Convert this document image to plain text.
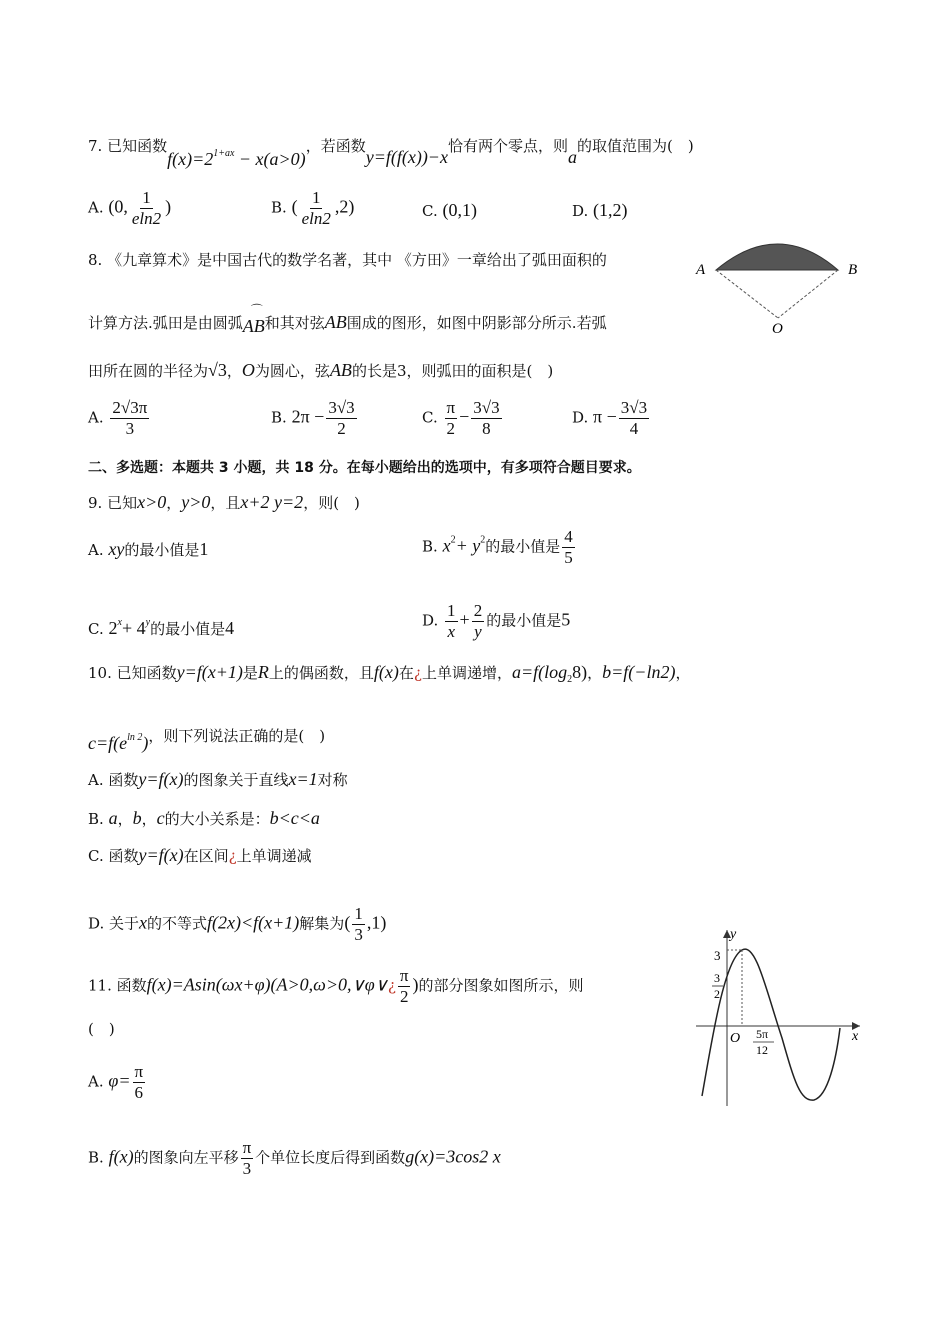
7. 已知函数$f(x)=2^{1+ax} - x(a>0)$，若函数y=f(f(x))−x恰有两个零点，则a的取值范围为(　)
A. (0, $\frac{1}{eln2}$ )	B. ( $\frac{1}{eln2} ,2$)	C. (0,1)	D. (1,2)
8. 《九章算术》是中国古代的数学名著，其中 《方田》一章给出了弧田面积的
计算方法.弧田是由圆弧
⌒
AB和其对弦AB围成的图形，如图中阴影部分所示.若弧
田所在圆的半径为√3，O为圆心，弦AB的长是3，则弧田的面积是(　)
A	B
O
A. $\frac{2√3\pi}{3}$	B. $2\pi - \frac{3√3}{2}$	C. $\frac{\pi}{2} - \frac{3√3}{8}$	D. $\pi - \frac{3√3}{4}$
二、多选题：本题共 3 小题，共 18 分。在每小题给出的选项中，有多项符合题目要求。
9. 已知x>0，y>0，且x+2 y=2，则(　)
A. xy的最小值是1	B. $x^2+ y^2$的最小值是 $\frac{4}{5}$
C. $2^x+ 4^y$的最小值是4	D. $\frac{1}{x} + \frac{2}{y}$ 的最小值是5
10. 已知函数y=f(x+1)是R上的偶函数，且f(x)在¿上单调递增，$a=f(\log_28)$，b=f(−ln2)，
$c=f(e^{ln 2})$，则下列说法正确的是(　)
A. 函数y=f(x)的图象关于直线x=1对称
B. a，b，c的大小关系是：b<c<a
C. 函数y=f(x)在区间¿上单调递减
D. 关于x的不等式f(2x)<f(x+1)解集为( $\frac{1}{3} ,1$)
11. 函数f(x)=Asin(ωx+φ)(A>0,ω>0,∨φ∨¿ $\frac{\pi}{2}$ )的部分图象如图所示，则
(　)
A. $\varphi= \frac{\pi}{6}$
B. f(x)的图象向左平移 $\frac{\pi}{3}$ 个单位长度后得到函数g(x)=3cos2 x
y
x
O
3
3
2
5π
12
